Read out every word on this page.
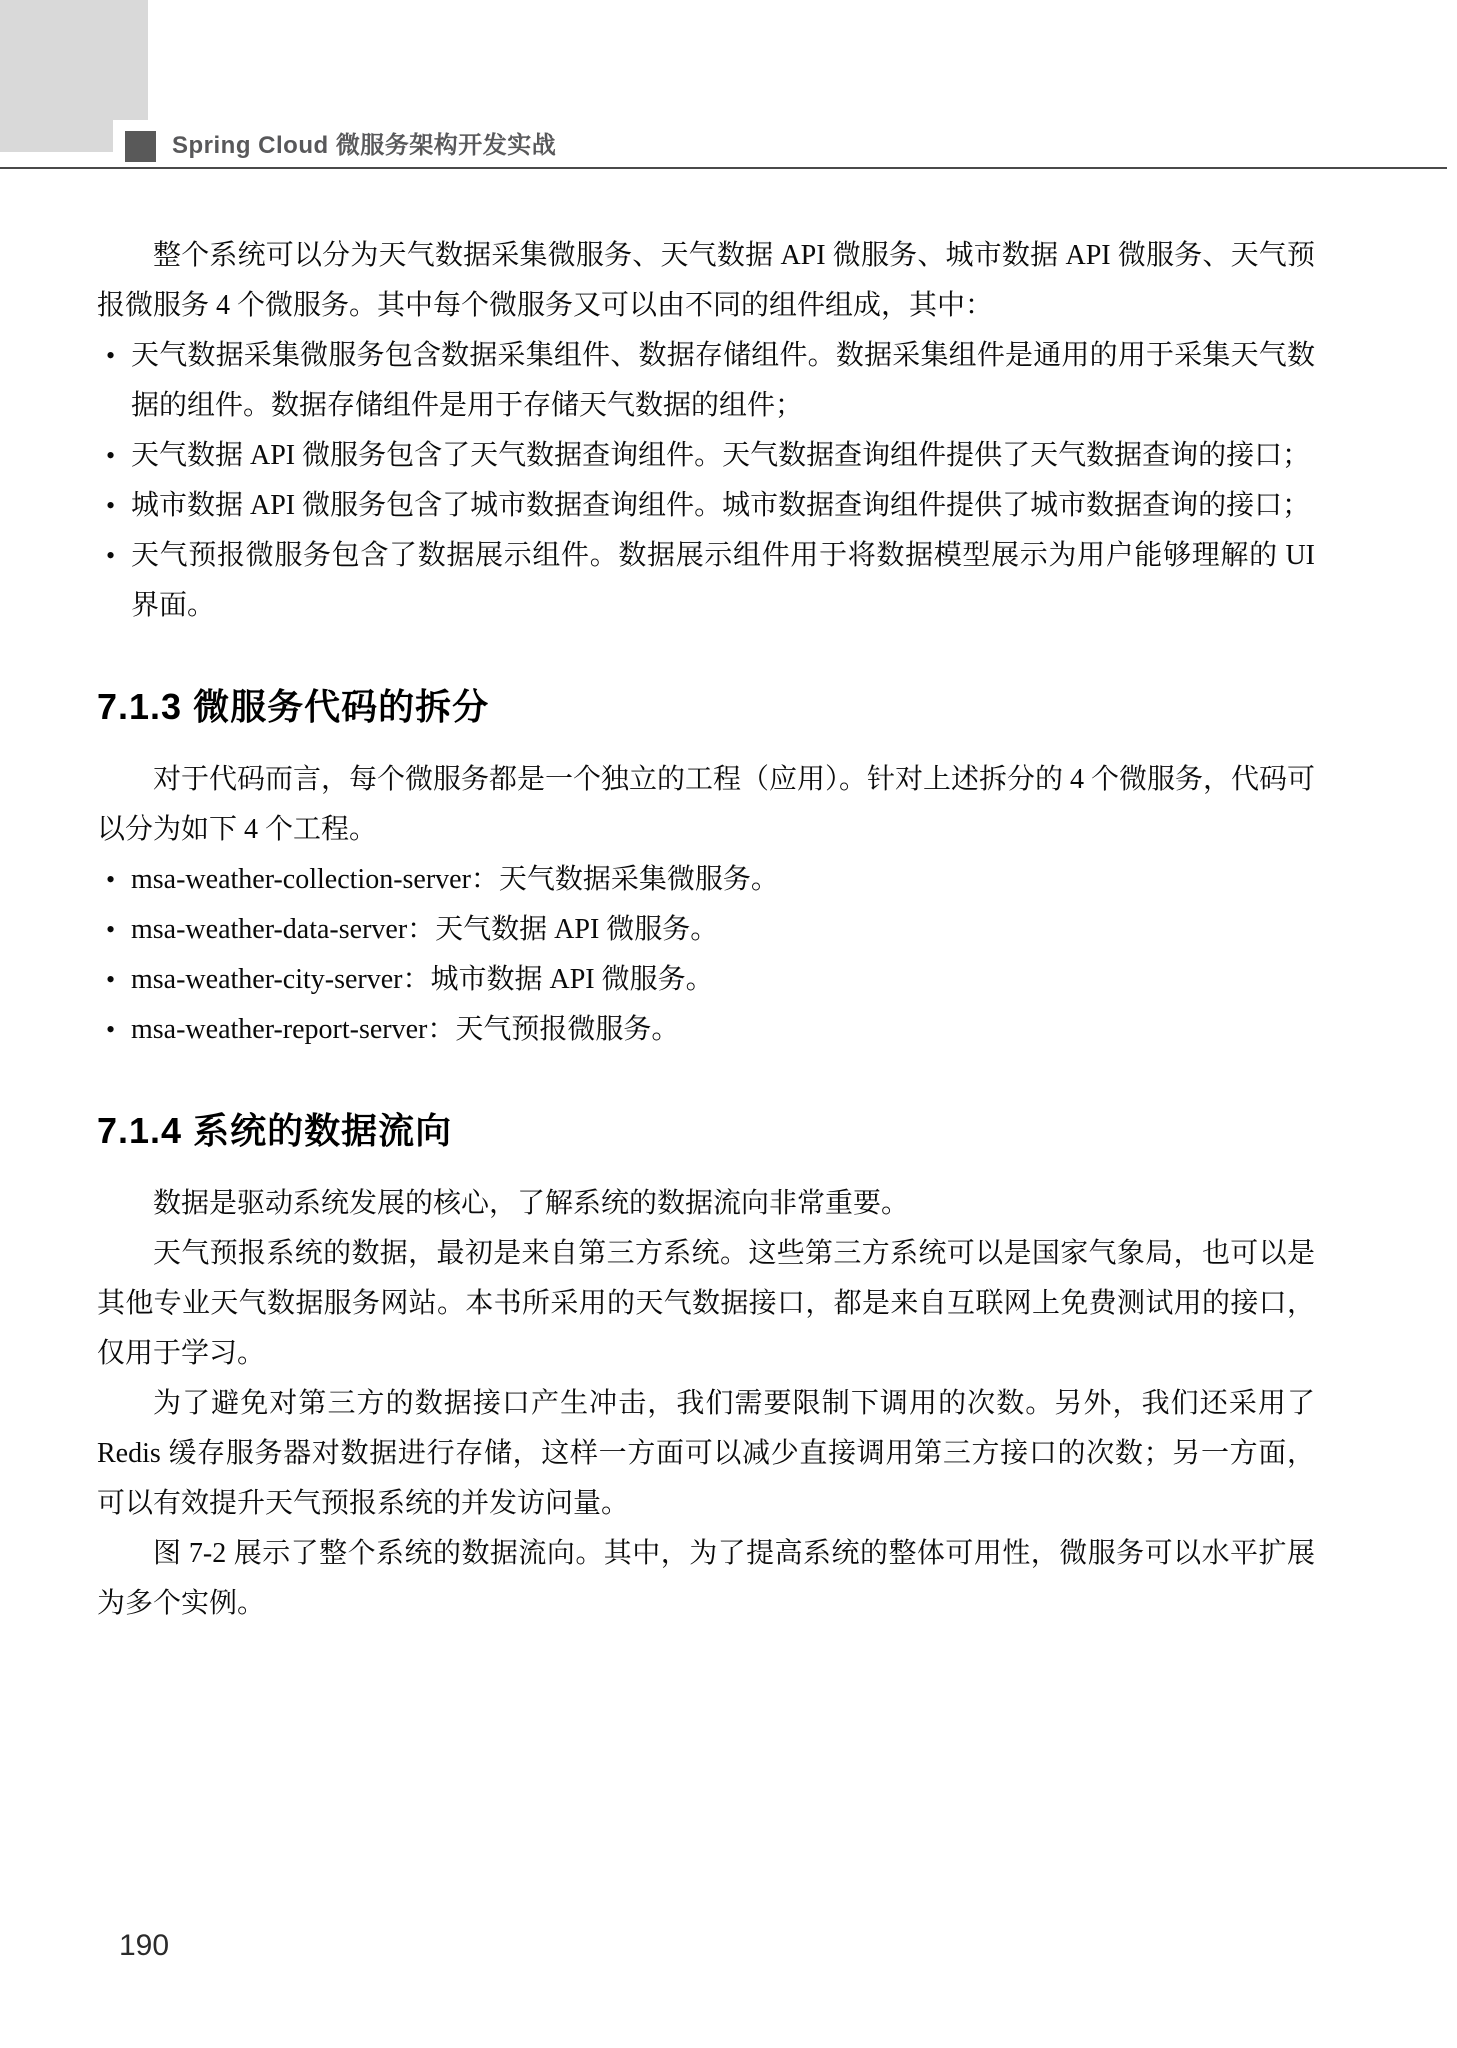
Spring Cloud 微服务架构开发实战

整个系统可以分为天气数据采集微服务、天气数据 API 微服务、城市数据 API 微服务、天气预报微服务 4 个微服务。其中每个微服务又可以由不同的组件组成，其中：

• 天气数据采集微服务包含数据采集组件、数据存储组件。数据采集组件是通用的用于采集天气数据的组件。数据存储组件是用于存储天气数据的组件；
• 天气数据 API 微服务包含了天气数据查询组件。天气数据查询组件提供了天气数据查询的接口；
• 城市数据 API 微服务包含了城市数据查询组件。城市数据查询组件提供了城市数据查询的接口；
• 天气预报微服务包含了数据展示组件。数据展示组件用于将数据模型展示为用户能够理解的 UI 界面。
7.1.3 微服务代码的拆分

对于代码而言，每个微服务都是一个独立的工程（应用）。针对上述拆分的 4 个微服务，代码可以分为如下 4 个工程。

• msa-weather-collection-server：天气数据采集微服务。
• msa-weather-data-server：天气数据 API 微服务。
• msa-weather-city-server：城市数据 API 微服务。
• msa-weather-report-server：天气预报微服务。
7.1.4 系统的数据流向

数据是驱动系统发展的核心，了解系统的数据流向非常重要。

天气预报系统的数据，最初是来自第三方系统。这些第三方系统可以是国家气象局，也可以是其他专业天气数据服务网站。本书所采用的天气数据接口，都是来自互联网上免费测试用的接口，仅用于学习。

为了避免对第三方的数据接口产生冲击，我们需要限制下调用的次数。另外，我们还采用了 Redis 缓存服务器对数据进行存储，这样一方面可以减少直接调用第三方接口的次数；另一方面，可以有效提升天气预报系统的并发访问量。

图 7-2 展示了整个系统的数据流向。其中，为了提高系统的整体可用性，微服务可以水平扩展为多个实例。

190
